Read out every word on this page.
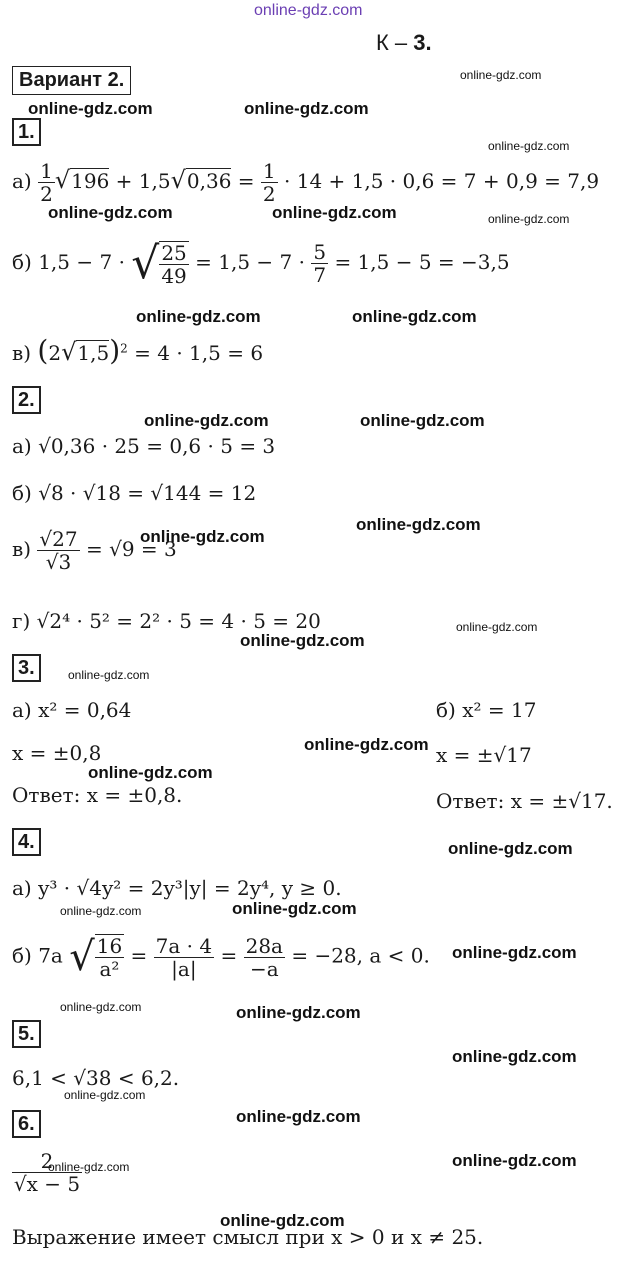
online-gdz.com
online-gdz.com
online-gdz.com	online-gdz.com
online-gdz.com
online-gdz.com	online-gdz.com	online-gdz.com
online-gdz.com	online-gdz.com
online-gdz.com	online-gdz.com
online-gdz.com
online-gdz.com
online-gdz.com
online-gdz.com
online-gdz.com
online-gdz.com
online-gdz.com
online-gdz.com
online-gdz.com	online-gdz.com
online-gdz.com
online-gdz.com	online-gdz.com
online-gdz.com
online-gdz.com
online-gdz.com
online-gdz.com
online-gdz.com
online-gdz.com
К – 3.
Вариант 2.
1.
$а) \frac{1}{2} √196 + 1,5√0,36 = \frac{1}{2} \cdot 14 + 1,5 \cdot 0,6 = 7 + 0,9 = 7,9$
б) 1,5 − 7 · √ $\frac{25}{49} = 1,5 - 7 \cdot \frac{5}{7} = 1,5 - 5 = -3,5$
в) $(2√1,5)^2 = 4 \cdot 1,5 = 6$
2.
а) √0,36 · 25 = 0,6 · 5 = 3
б) √8 · √18 = √144 = 12
$в) \frac{√27}{√3} = √9 = 3$
г) √2⁴ · 5² = 2² · 5 = 4 · 5 = 20
3.
а) x² = 0,64
x = ±0,8
Ответ: x = ±0,8.
б) x² = 17
x = ±√17
Ответ: x = ±√17.
4.
а) y³ · √4y² = 2y³|y| = 2y⁴, y ≥ 0.
б) 7a √ $\frac{16}{\text{a²}} = \frac{7a \cdot 4}{|a|} = \frac{28a}{-a} = -28$, a < 0.
5.
6,1 < √38 < 6,2.
6.
$\frac{2}{√x - 5}$
Выражение имеет смысл при x > 0 и x ≠ 25.
